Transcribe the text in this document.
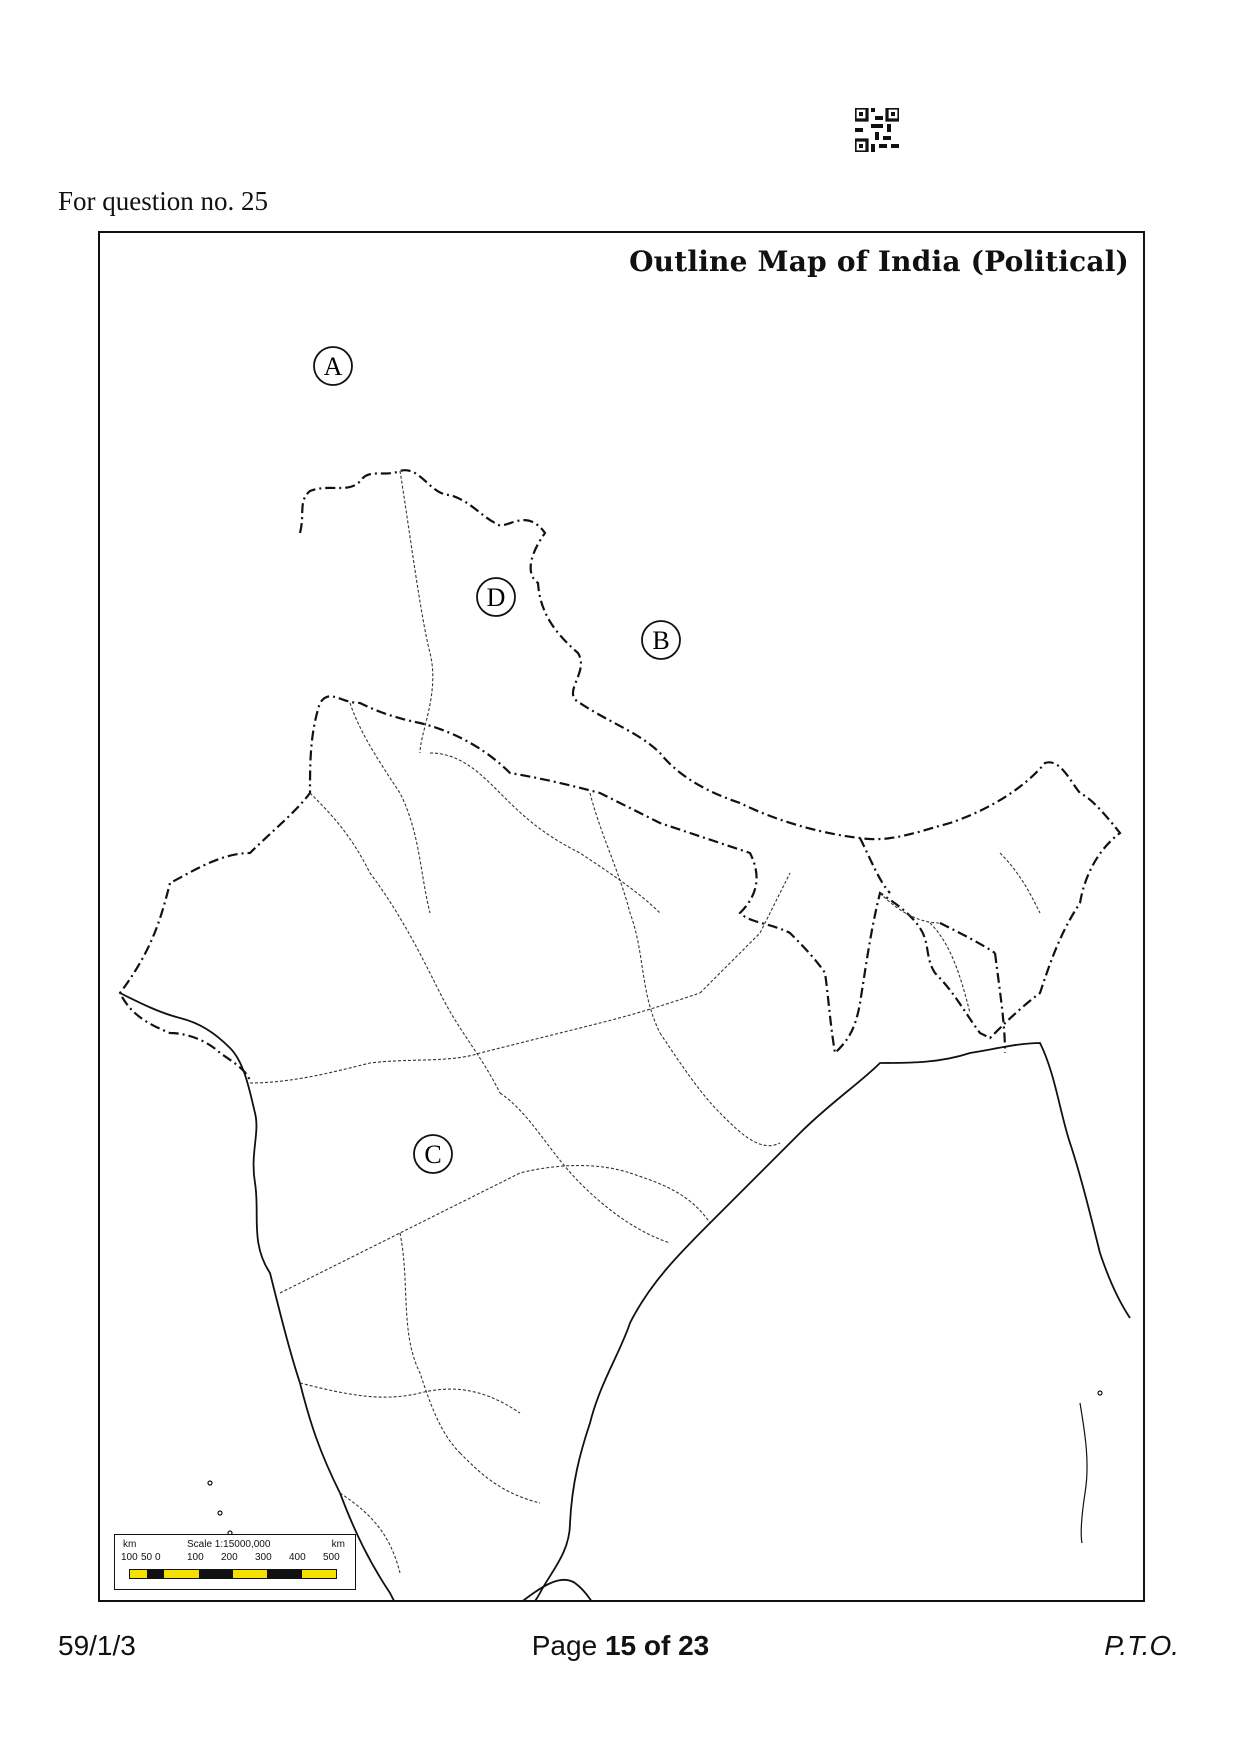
For question no. 25
A
B
C
D
Outline Map of India (Political)
km	Scale 1:15000,000	km
100 50 0	100 200 300 400 500
59/1/3	Page 15 of 23	P.T.O.
